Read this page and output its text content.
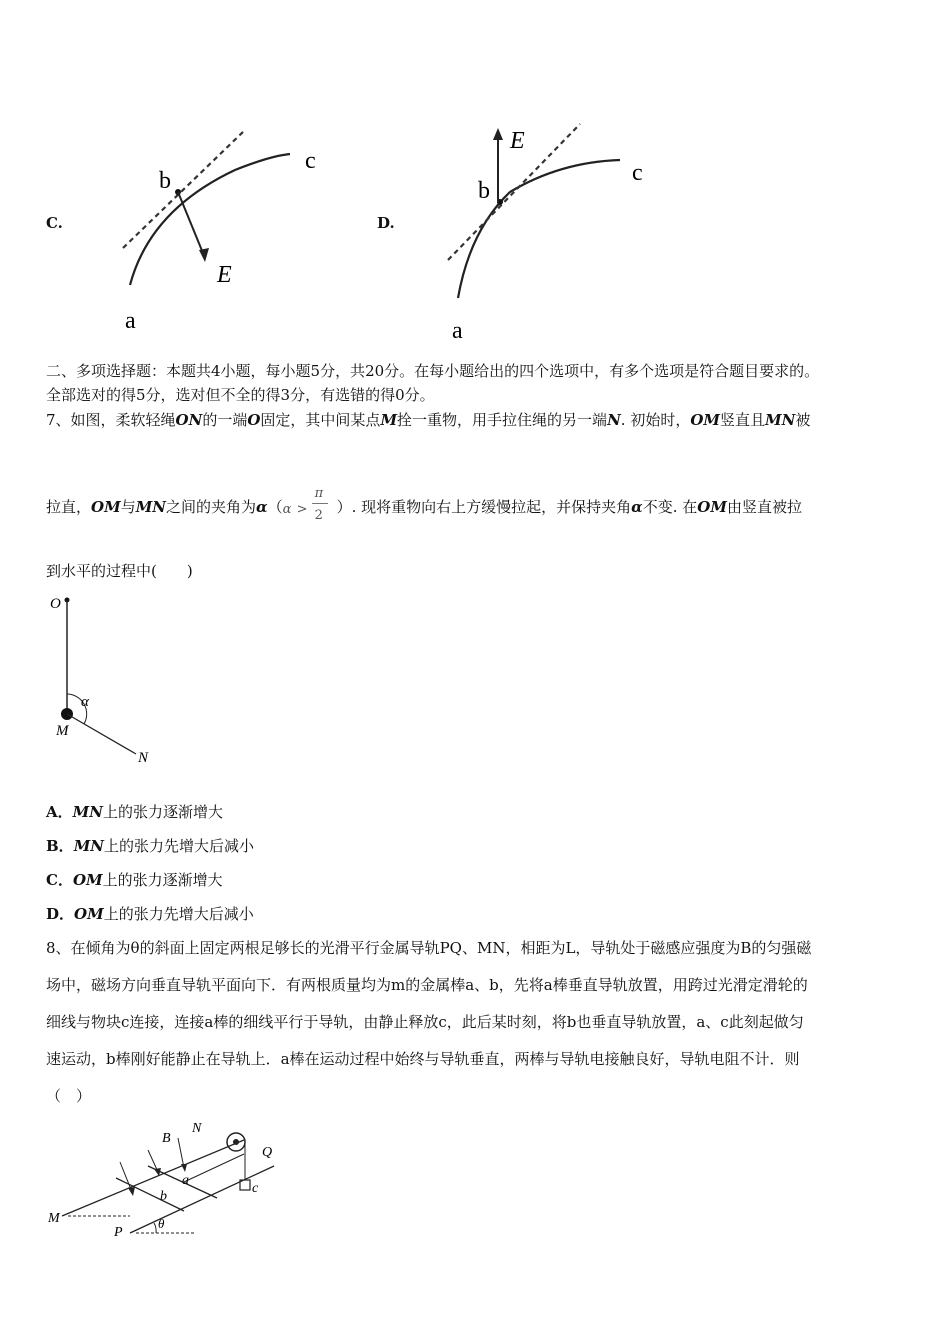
C.	D.
b
c
E
a
E
b
c
a
二、多项选择题：本题共4小题，每小题5分，共20分。在每小题给出的四个选项中，有多个选项是符合题目要求的。
全部选对的得5分，选对但不全的得3分，有选错的得0分。
7、如图，柔软轻绳ON的一端O固定，其中间某点M拴一重物，用手拉住绳的另一端N. 初始时，OM竖直且MN被
拉直，OM与MN之间的夹角为α（ α >
π
2 ）. 现将重物向右上方缓慢拉起，并保持夹角α不变. 在OM由竖直被拉
到水平的过程中(　　)
O
α
M
N
A．MN上的张力逐渐增大
B．MN上的张力先增大后减小
C．OM上的张力逐渐增大
D．OM上的张力先增大后减小
8、在倾角为θ的斜面上固定两根足够长的光滑平行金属导轨PQ、MN，相距为L，导轨处于磁感应强度为B的匀强磁
场中，磁场方向垂直导轨平面向下．有两根质量均为m的金属棒a、b，先将a棒垂直导轨放置，用跨过光滑定滑轮的
细线与物块c连接，连接a棒的细线平行于导轨，由静止释放c，此后某时刻，将b也垂直导轨放置，a、c此刻起做匀
速运动，b棒刚好能静止在导轨上．a棒在运动过程中始终与导轨垂直，两棒与导轨电接触良好，导轨电阻不计．则
（　）
B
N
Q
a
b
c
M
P
θ
